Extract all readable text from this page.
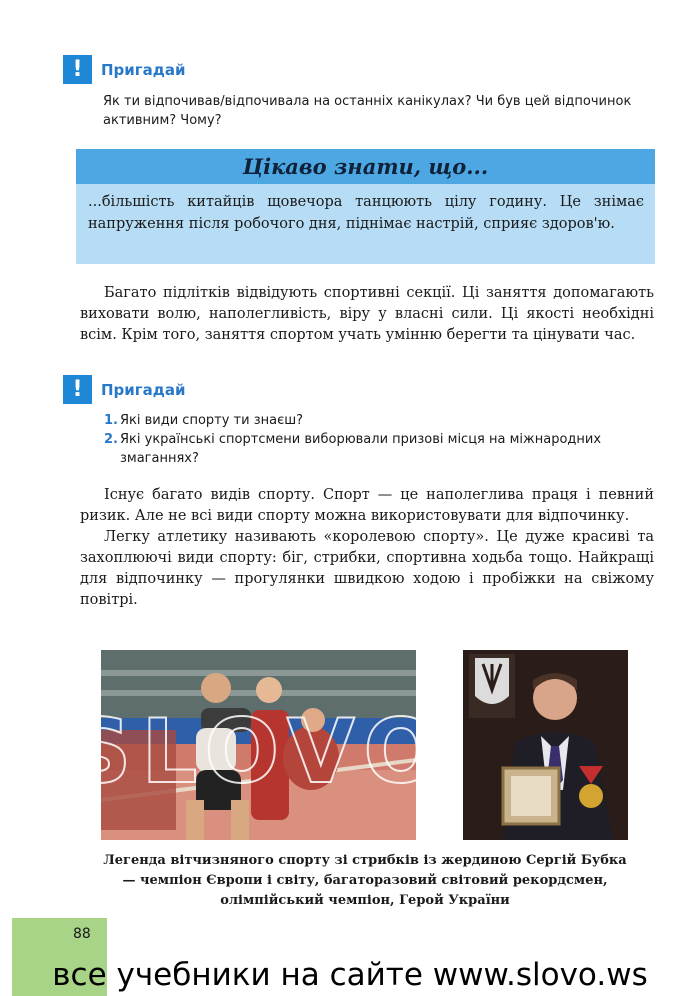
!	Пригадай
Як ти відпочивав/відпочивала на останніх канікулах? Чи був цей відпочинок активним? Чому?
Цікаво знати, що...
...більшість китайців щовечора танцюють цілу годину. Це знімає напруження після робочого дня, піднімає настрій, сприяє здоров'ю.

Багато підлітків відвідують спортивні секції. Ці заняття допомагають виховати волю, наполегливість, віру у власні сили. Ці якості необхідні всім. Крім того, заняття спортом учать умінню берегти та цінувати час.

!	Пригадай
1. Які види спорту ти знаєш?
2. Які українські спортсмени виборювали призові місця на міжнародних змаганнях?

Існує багато видів спорту. Спорт — це наполеглива праця і певний ризик. Але не всі види спорту можна використовувати для відпочинку.

Легку атлетику називають «королевою спорту». Це дуже красиві та захоплюючі види спорту: біг, стрибки, спортивна ходьба тощо. Найкращі для відпочинку — прогулянки швидкою ходою і пробіжки на свіжому повітрі.

SLOVO
Легенда вітчизняного спорту зі стрибків із жердиною Сергій Бубка — чемпіон Європи і світу, багаторазовий світовий рекордсмен, олімпійський чемпіон, Герой України
88
все учебники на сайте www.slovo.ws
